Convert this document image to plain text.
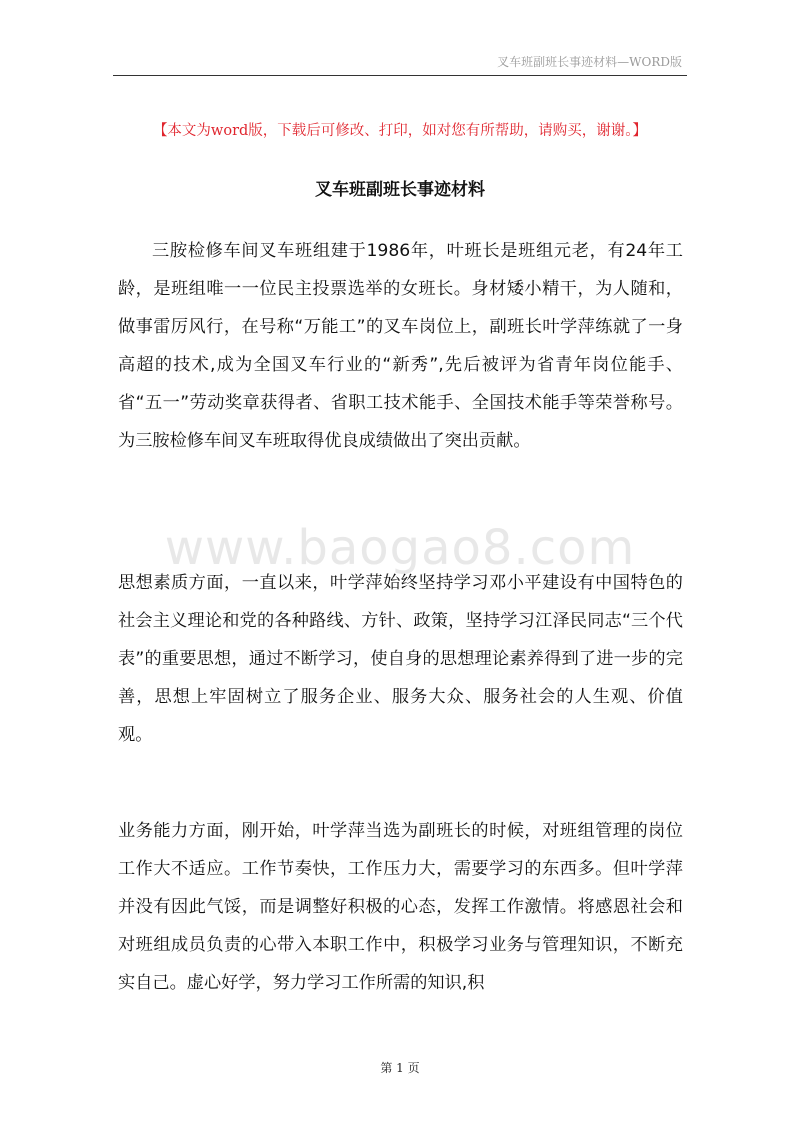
叉车班副班长事迹材料—WORD版
【本文为word版，下载后可修改、打印，如对您有所帮助，请购买，谢谢。】
叉车班副班长事迹材料

三胺检修车间叉车班组建于1986年，叶班长是班组元老，有24年工龄，是班组唯一一位民主投票选举的女班长。身材矮小精干，为人随和，做事雷厉风行，在号称“万能工”的叉车岗位上，副班长叶学萍练就了一身高超的技术,成为全国叉车行业的“新秀”,先后被评为省青年岗位能手、省“五一”劳动奖章获得者、省职工技术能手、全国技术能手等荣誉称号。为三胺检修车间叉车班取得优良成绩做出了突出贡献。

www.baogao8.com

思想素质方面，一直以来，叶学萍始终坚持学习邓小平建设有中国特色的社会主义理论和党的各种路线、方针、政策，坚持学习江泽民同志“三个代表”的重要思想，通过不断学习，使自身的思想理论素养得到了进一步的完善，思想上牢固树立了服务企业、服务大众、服务社会的人生观、价值观。

业务能力方面，刚开始，叶学萍当选为副班长的时候，对班组管理的岗位工作大不适应。工作节奏快，工作压力大，需要学习的东西多。但叶学萍并没有因此气馁，而是调整好积极的心态，发挥工作激情。将感恩社会和对班组成员负责的心带入本职工作中，积极学习业务与管理知识，不断充实自己。虚心好学，努力学习工作所需的知识,积

第 1 页
